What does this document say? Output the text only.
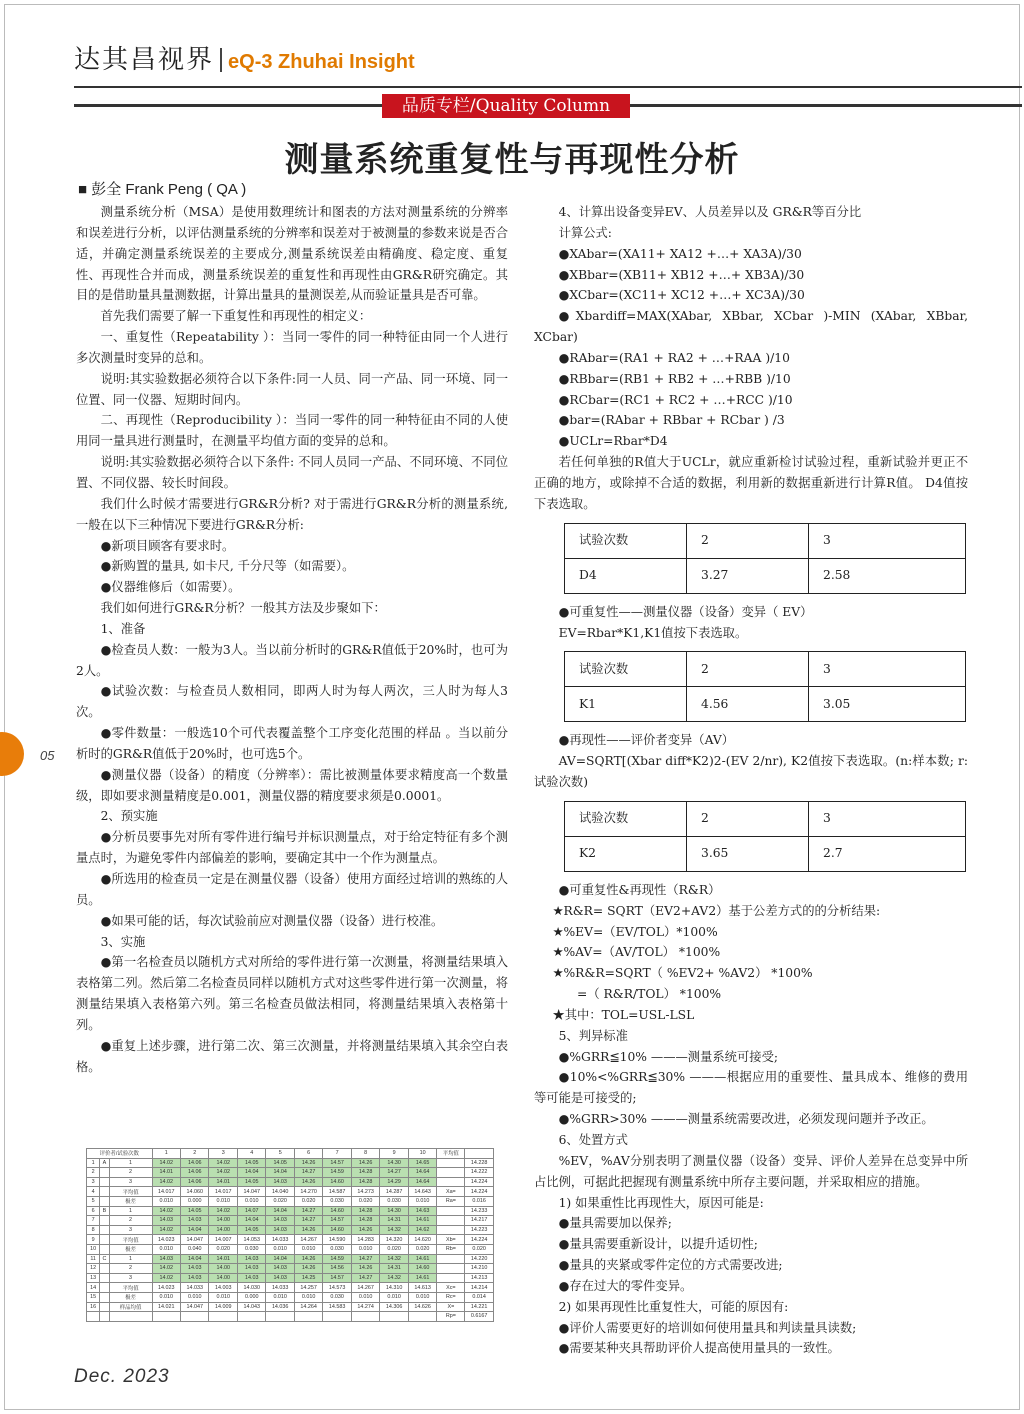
达其昌视界 eQ-3 Zhuhai Insight
品质专栏/Quality Column
测量系统重复性与再现性分析
■ 彭全 Frank Peng ( QA )

测量系统分析（MSA）是使用数理统计和图表的方法对测量系统的分辨率和误差进行分析，以评估测量系统的分辨率和误差对于被测量的参数来说是否合适，并确定测量系统误差的主要成分,测量系统误差由精确度、稳定度、重复性、再现性合并而成，测量系统误差的重复性和再现性由GR&R研究确定。其目的是借助量具量测数据，计算出量具的量测误差,从而验证量具是否可靠。

首先我们需要了解一下重复性和再现性的相定义：

一、重复性（Repeatability ）：当同一零件的同一种特征由同一个人进行多次测量时变异的总和。

说明:其实验数据必须符合以下条件:同一人员、同一产品、同一环境、同一位置、同一仪器、短期时间内。

二、再现性（Reproducibility ）：当同一零件的同一种特征由不同的人使用同一量具进行测量时，在测量平均值方面的变异的总和。

说明:其实验数据必须符合以下条件: 不同人员同一产品、不同环境、不同位置、不同仪器、较长时间段。

我们什么时候才需要进行GR&R分析? 对于需进行GR&R分析的测量系统,一般在以下三种情况下要进行GR&R分析:

●新项目顾客有要求时。

●新购置的量具, 如卡尺, 千分尺等（如需要）。

●仪器维修后（如需要）。

我们如何进行GR&R分析？一般其方法及步聚如下：

1、准备

●检查员人数：一般为3人。当以前分析时的GR&R值低于20%时，也可为2人。

●试验次数：与检查员人数相同，即两人时为每人两次，三人时为每人3次。

●零件数量：一般选10个可代表覆盖整个工序变化范围的样品 。当以前分析时的GR&R值低于20%时，也可选5个。

●测量仪器（设备）的精度（分辨率）：需比被测量体要求精度高一个数量级，即如要求测量精度是0.001，测量仪器的精度要求须是0.0001。

2、预实施

●分析员要事先对所有零件进行编号并标识测量点，对于给定特征有多个测量点时，为避免零件内部偏差的影响，要确定其中一个作为测量点。

●所选用的检查员一定是在测量仪器（设备）使用方面经过培训的熟练的人员。

●如果可能的话，每次试验前应对测量仪器（设备）进行校准。

3、实施

●第一名检查员以随机方式对所给的零件进行第一次测量，将测量结果填入表格第二列。然后第二名检查员同样以随机方式对这些零件进行第一次测量，将测量结果填入表格第六列。第三名检查员做法相同，将测量结果填入表格第十列。

●重复上述步骤，进行第二次、第三次测量，并将测量结果填入其余空白表格。

4、计算出设备变异EV、人员差异以及 GR&R等百分比

计算公式:

●XAbar=(XA11+ XA12 +…+ XA3A)/30

●XBbar=(XB11+ XB12 +…+ XB3A)/30

●XCbar=(XC11+ XC12 +…+ XC3A)/30

●Xbardiff=MAX(XAbar, XBbar, XCbar )-MIN (XAbar, XBbar, XCbar)

●RAbar=(RA1 + RA2 + …+RAA )/10

●RBbar=(RB1 + RB2 + …+RBB )/10

●RCbar=(RC1 + RC2 + …+RCC )/10

●bar=(RAbar + RBbar + RCbar ) /3

●UCLr=Rbar*D4

若任何单独的R值大于UCLr，就应重新检讨试验过程，重新试验并更正不正确的地方，或除掉不合适的数据，利用新的数据重新进行计算R值。 D4值按下表选取。

试验次数	2	3
D4	3.27	2.58

●可重复性——测量仪器（设备）变异（ EV）

EV=Rbar*K1,K1值按下表选取。

试验次数	2	3
K1	4.56	3.05

●再现性——评价者变异（AV）

AV=SQRT[(Xbar diff*K2)2-(EV 2/nr), K2值按下表选取。(n:样本数; r:试验次数)

试验次数	2	3
K2	3.65	2.7

●可重复性&再现性（R&R）

★R&R= SQRT（EV2+AV2）基于公差方式的的分析结果:

★%EV=（EV/TOL）*100%

★%AV=（AV/TOL） *100%

★%R&R=SQRT（ %EV2+ %AV2） *100%

　　=（ R&R/TOL） *100%

★其中：TOL=USL-LSL

5、判异标准

●%GRR≦10% ———测量系统可接受;

●10%<%GRR≦30% ———根据应用的重要性、量具成本、维修的费用等可能是可接受的;

●%GRR>30% ———测量系统需要改进，必须发现问题并予改正。

6、处置方式

%EV，%AV分别表明了测量仪器（设备）变异、评价人差异在总变异中所占比例，可据此把握现有测量系统中所存主要问题，并采取相应的措施。

1) 如果重性比再现性大，原因可能是:

●量具需要加以保养;

●量具需要重新设计，以提升适切性;

●量具的夹紧或零件定位的方式需要改进;

●存在过大的零件变异。

2) 如果再现性比重复性大，可能的原因有:

●评价人需要更好的培训如何使用量具和判读量具读数;

●需要某种夹具帮助评价人提高使用量具的一致性。

评价者/试验次数			1	2	3	4	5	6	7	8	9	10	平均值	
1	A	1	14.02	14.06	14.02	14.05	14.05	14.26	14.57	14.26	14.30	14.65		14.228
2		2	14.01	14.06	14.02	14.04	14.04	14.27	14.59	14.28	14.27	14.64		14.222
3		3	14.02	14.06	14.01	14.05	14.03	14.26	14.60	14.28	14.29	14.64		14.224
4		平均值	14.017	14.060	14.017	14.047	14.040	14.270	14.587	14.273	14.287	14.643	Xa=	14.224
5		极差	0.010	0.000	0.010	0.010	0.020	0.020	0.030	0.020	0.030	0.010	Ra=	0.016
6	B	1	14.02	14.05	14.02	14.07	14.04	14.27	14.60	14.28	14.30	14.63		14.233
7		2	14.03	14.03	14.00	14.04	14.03	14.27	14.57	14.28	14.31	14.61		14.217
8		3	14.02	14.04	14.00	14.05	14.03	14.26	14.60	14.26	14.32	14.62		14.223
9		平均值	14.023	14.047	14.007	14.053	14.033	14.267	14.590	14.283	14.320	14.620	Xb=	14.224
10		极差	0.010	0.040	0.020	0.030	0.010	0.010	0.030	0.010	0.020	0.020	Rb=	0.020
11	C	1	14.03	14.04	14.01	14.03	14.04	14.26	14.59	14.27	14.32	14.61		14.220
12		2	14.02	14.03	14.00	14.03	14.03	14.26	14.56	14.26	14.31	14.60		14.210
13		3	14.02	14.03	14.00	14.03	14.03	14.25	14.57	14.27	14.32	14.61		14.213
14		平均值	14.023	14.033	14.003	14.030	14.033	14.257	14.573	14.267	14.310	14.613	Xc=	14.214
15		极差	0.010	0.010	0.010	0.000	0.010	0.010	0.030	0.010	0.010	0.010	Rc=	0.014
16		样品均值	14.021	14.047	14.009	14.043	14.036	14.264	14.583	14.274	14.306	14.626	X=	14.221
													Rp=	0.6167
05
Dec. 2023
